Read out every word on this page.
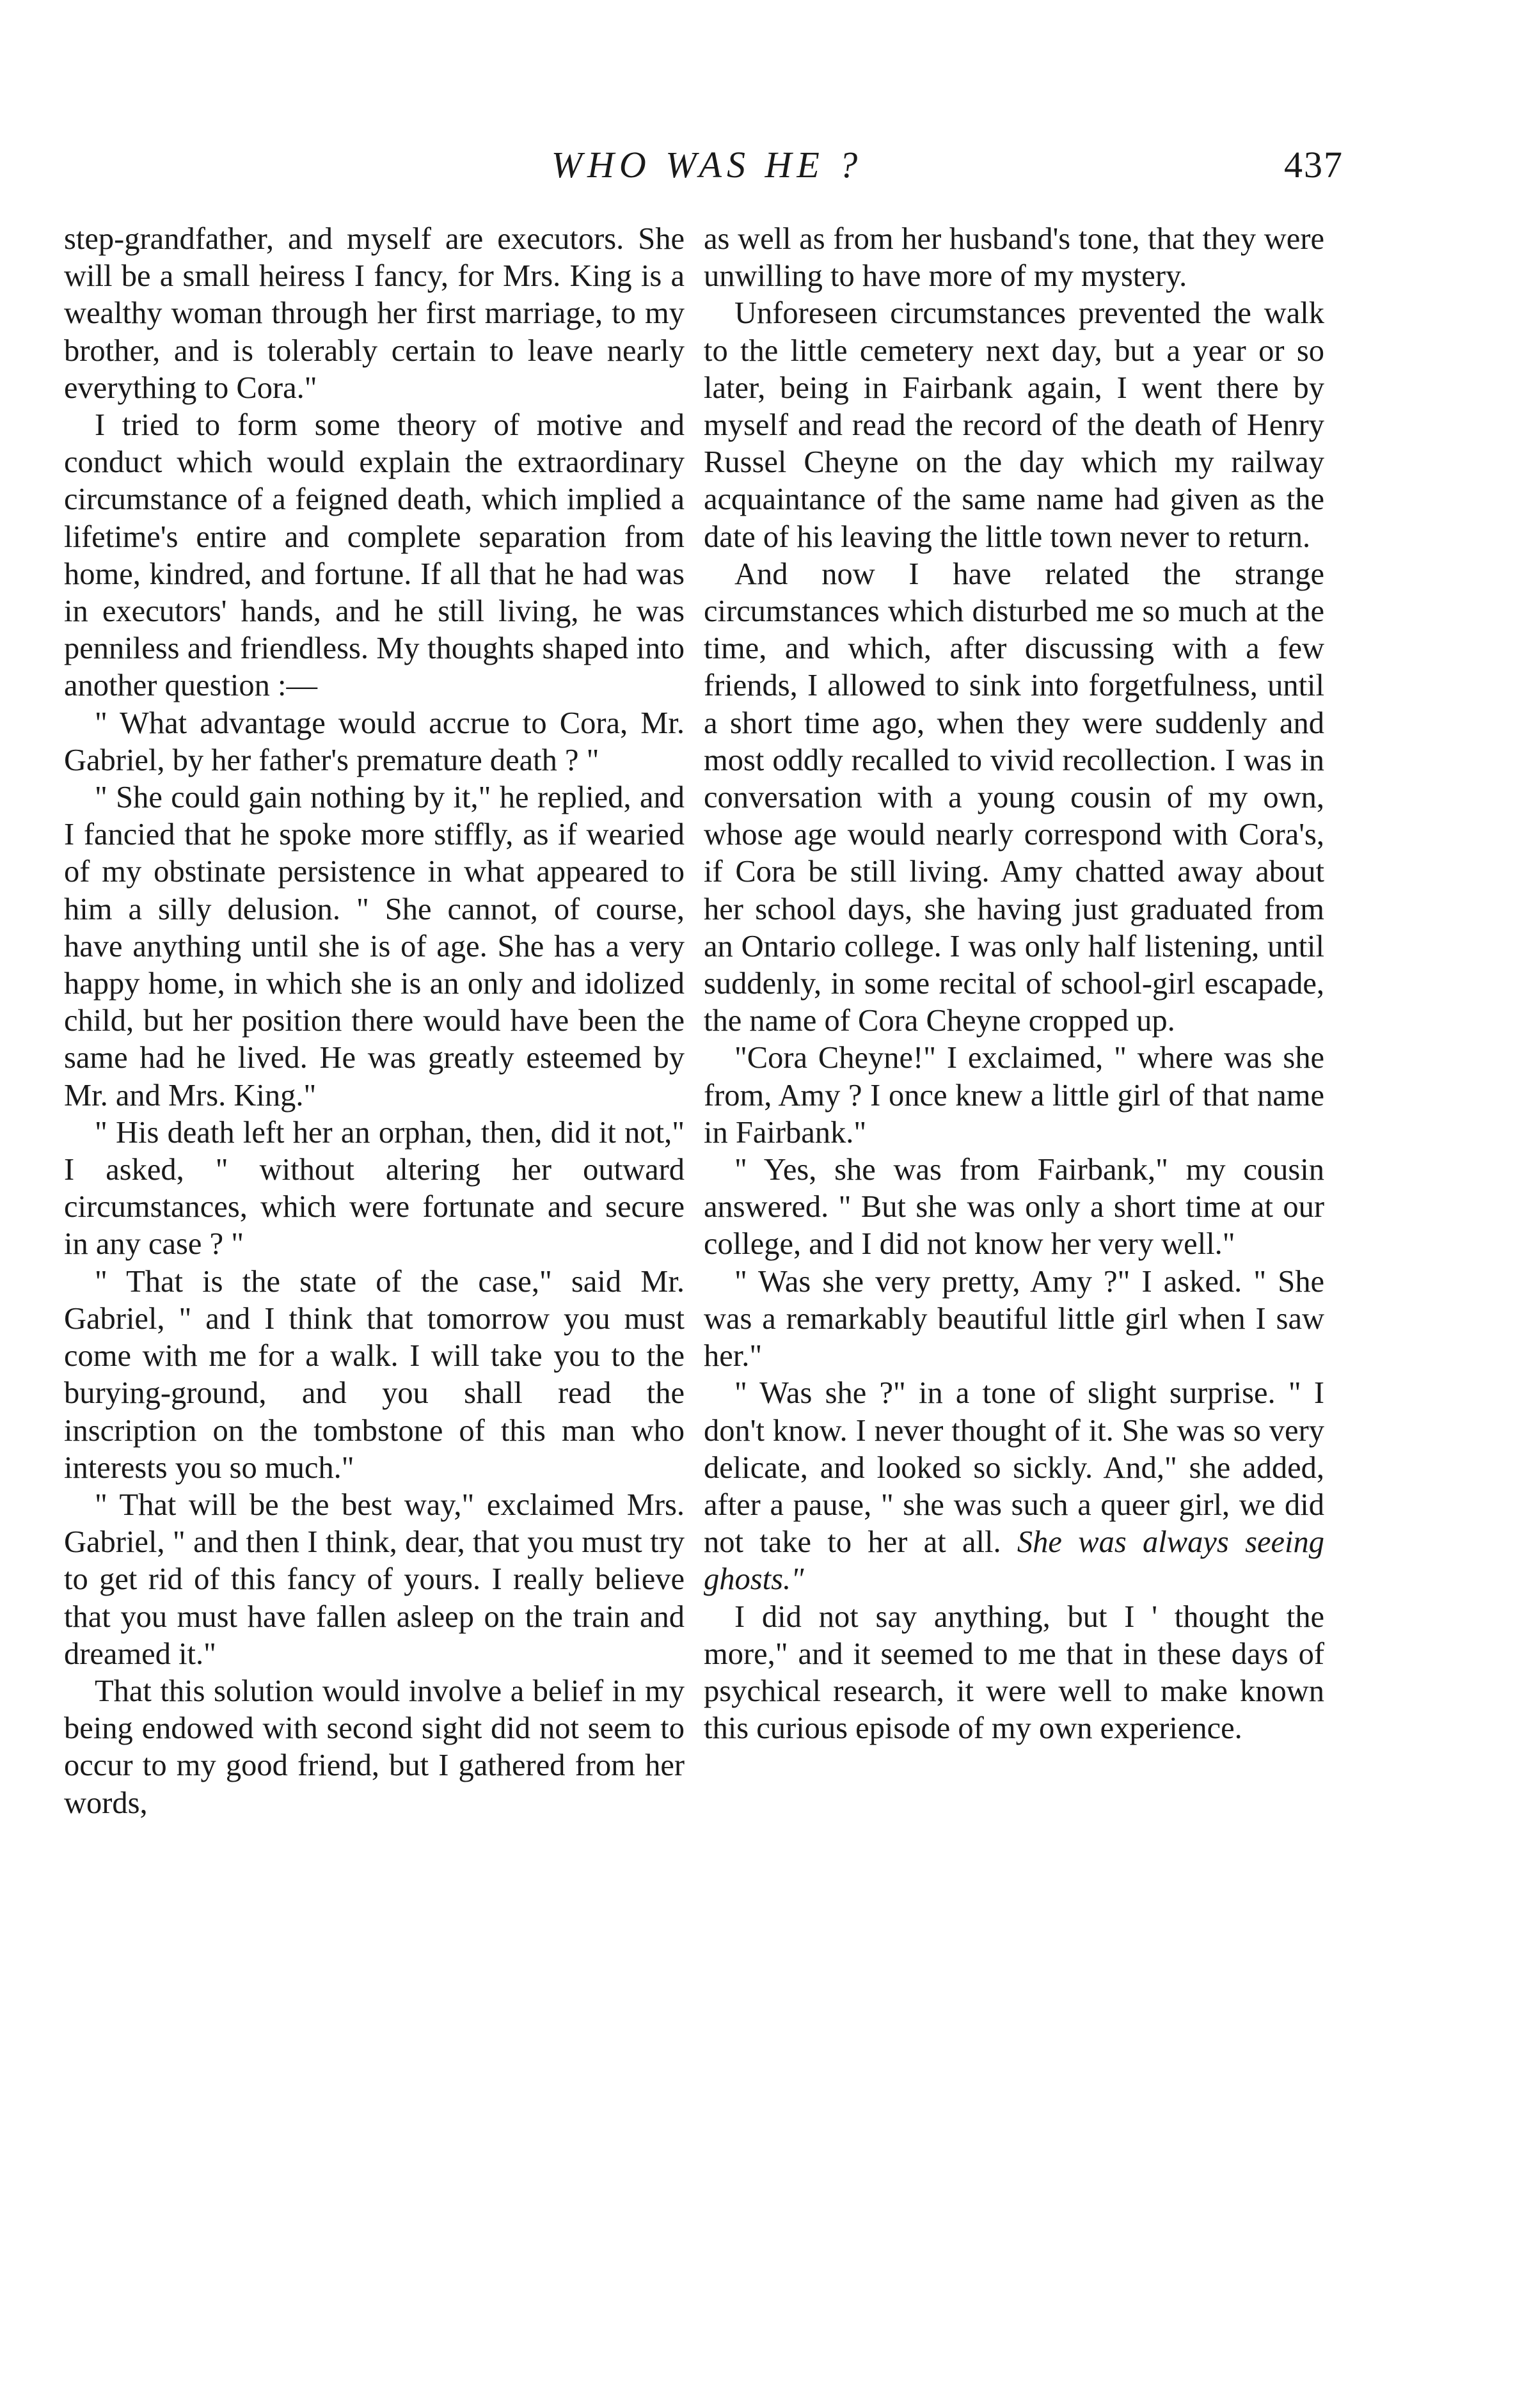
WHO WAS HE ?	437

step-grandfather, and myself are executors. She will be a small heiress I fancy, for Mrs. King is a wealthy woman through her first marriage, to my brother, and is tolerably certain to leave nearly everything to Cora."

I tried to form some theory of motive and conduct which would explain the extraordinary circumstance of a feigned death, which implied a lifetime's entire and complete separation from home, kindred, and fortune. If all that he had was in executors' hands, and he still living, he was penniless and friendless. My thoughts shaped into another question :—

" What advantage would accrue to Cora, Mr. Gabriel, by her father's premature death ? "

" She could gain nothing by it," he replied, and I fancied that he spoke more stiffly, as if wearied of my obstinate persistence in what appeared to him a silly delusion. " She cannot, of course, have anything until she is of age. She has a very happy home, in which she is an only and idolized child, but her position there would have been the same had he lived. He was greatly esteemed by Mr. and Mrs. King."

" His death left her an orphan, then, did it not," I asked, " without altering her outward circumstances, which were fortunate and secure in any case ? "

" That is the state of the case," said Mr. Gabriel, " and I think that tomorrow you must come with me for a walk. I will take you to the burying-ground, and you shall read the inscription on the tombstone of this man who interests you so much."

" That will be the best way," exclaimed Mrs. Gabriel, " and then I think, dear, that you must try to get rid of this fancy of yours. I really believe that you must have fallen asleep on the train and dreamed it."

That this solution would involve a belief in my being endowed with second sight did not seem to occur to my good friend, but I gathered from her words,

as well as from her husband's tone, that they were unwilling to have more of my mystery.

Unforeseen circumstances prevented the walk to the little cemetery next day, but a year or so later, being in Fairbank again, I went there by myself and read the record of the death of Henry Russel Cheyne on the day which my railway acquaintance of the same name had given as the date of his leaving the little town never to return.

And now I have related the strange circumstances which disturbed me so much at the time, and which, after discussing with a few friends, I allowed to sink into forgetfulness, until a short time ago, when they were suddenly and most oddly recalled to vivid recollection. I was in conversation with a young cousin of my own, whose age would nearly correspond with Cora's, if Cora be still living. Amy chatted away about her school days, she having just graduated from an Ontario college. I was only half listening, until suddenly, in some recital of school-girl escapade, the name of Cora Cheyne cropped up.

"Cora Cheyne!" I exclaimed, " where was she from, Amy ? I once knew a little girl of that name in Fairbank."

" Yes, she was from Fairbank," my cousin answered. " But she was only a short time at our college, and I did not know her very well."

" Was she very pretty, Amy ?" I asked. " She was a remarkably beautiful little girl when I saw her."

" Was she ?" in a tone of slight surprise. " I don't know. I never thought of it. She was so very delicate, and looked so sickly. And," she added, after a pause, " she was such a queer girl, we did not take to her at all. She was always seeing ghosts."

I did not say anything, but I ' thought the more," and it seemed to me that in these days of psychical research, it were well to make known this curious episode of my own experience.
